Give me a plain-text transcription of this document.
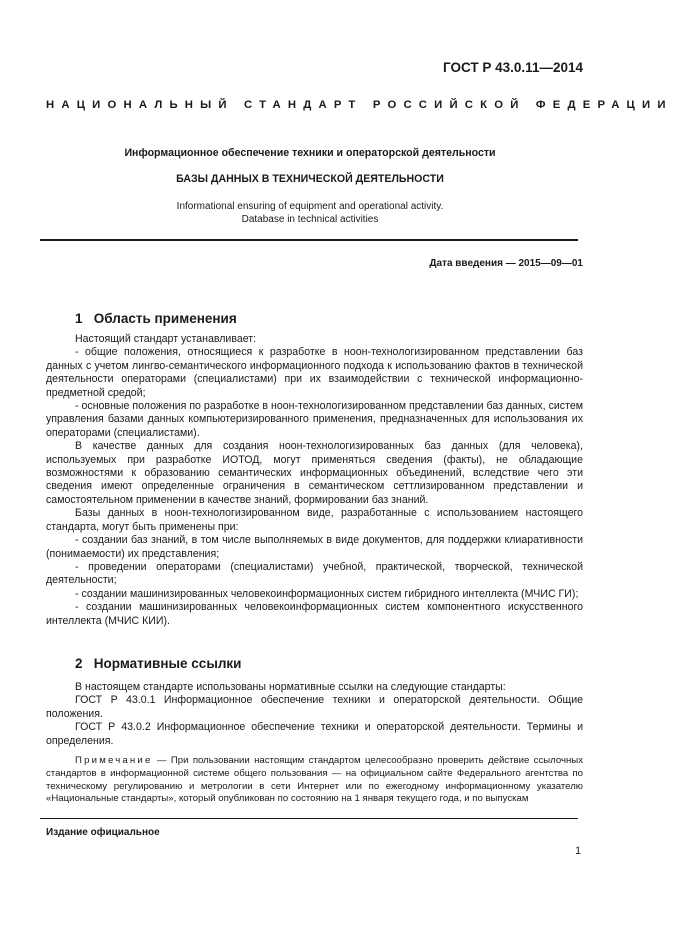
ГОСТ Р 43.0.11—2014
НАЦИОНАЛЬНЫЙ СТАНДАРТ РОССИЙСКОЙ ФЕДЕРАЦИИ
Информационное обеспечение техники и операторской деятельности
БАЗЫ ДАННЫХ В ТЕХНИЧЕСКОЙ ДЕЯТЕЛЬНОСТИ
Informational ensuring of equipment and operational activity.
Database in technical activities
Дата введения — 2015—09—01
1 Область применения

Настоящий стандарт устанавливает:

- общие положения, относящиеся к разработке в ноон-технологизированном представлении баз данных с учетом лингво-семантического информационного подхода к использованию фактов в технической деятельности операторами (специалистами) при их взаимодействии с технической информационно-предметной средой;

- основные положения по разработке в ноон-технологизированном представлении баз данных, систем управления базами данных компьютеризированного применения, предназначенных для использования их операторами (специалистами).

В качестве данных для создания ноон-технологизированных баз данных (для человека), используемых при разработке ИОТОД, могут применяться сведения (факты), не обладающие возможностями к образованию семантических информационных объединений, вследствие чего эти сведения имеют определенные ограничения в семантическом сеттлизированном представлении и самостоятельном применении в качестве знаний, формировании баз знаний.

Базы данных в ноон-технологизированном виде, разработанные с использованием настоящего стандарта, могут быть применены при:

- создании баз знаний, в том числе выполняемых в виде документов, для поддержки клиаративности (понимаемости) их представления;

- проведении операторами (специалистами) учебной, практической, творческой, технической деятельности;

- создании машинизированных человекоинформационных систем гибридного интеллекта (МЧИС ГИ);

- создании машинизированных человекоинформационных систем компонентного искусственного интеллекта (МЧИС КИИ).

2 Нормативные ссылки

В настоящем стандарте использованы нормативные ссылки на следующие стандарты:

ГОСТ Р 43.0.1 Информационное обеспечение техники и операторской деятельности. Общие положения.

ГОСТ Р 43.0.2 Информационное обеспечение техники и операторской деятельности. Термины и определения.

Примечание — При пользовании настоящим стандартом целесообразно проверить действие ссылочных стандартов в информационной системе общего пользования — на официальном сайте Федерального агентства по техническому регулированию и метрологии в сети Интернет или по ежегодному информационному указателю «Национальные стандарты», который опубликован по состоянию на 1 января текущего года, и по выпускам

Издание официальное
1
